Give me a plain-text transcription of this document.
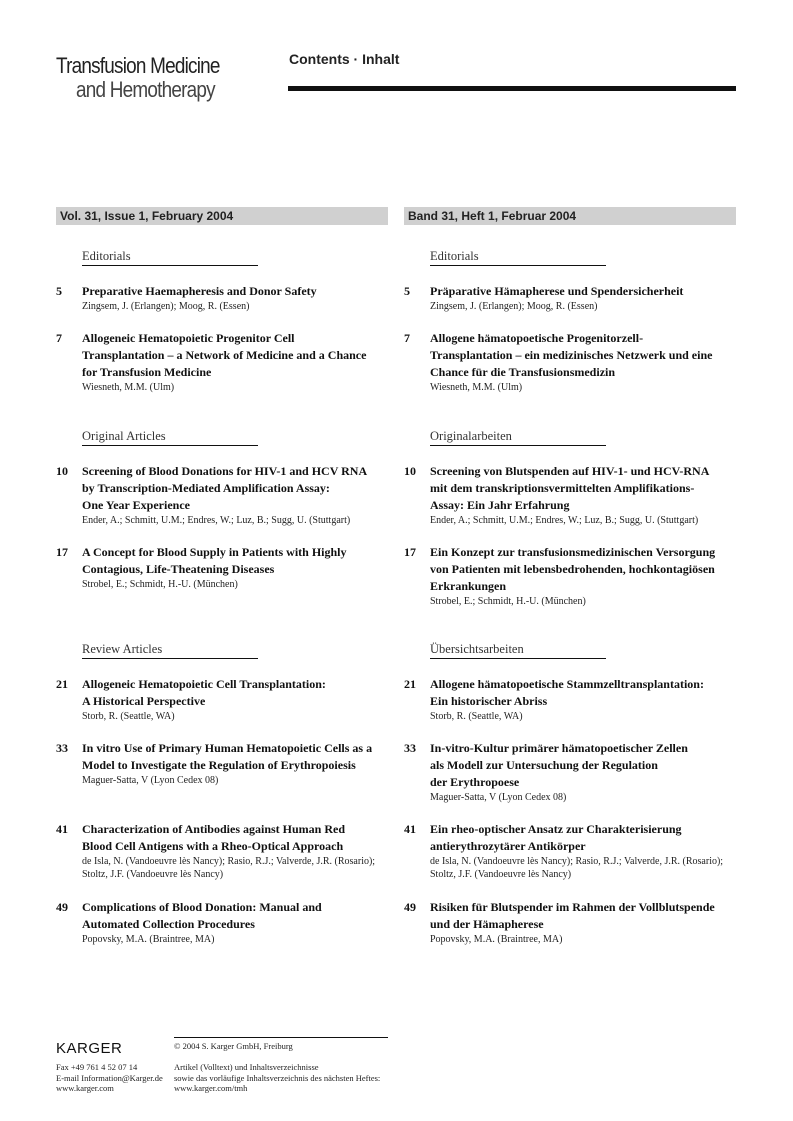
Transfusion Medicine
and Hemotherapy
Contents · Inhalt
Vol. 31, Issue 1, February 2004
Editorials
5	Preparative Haemapheresis and Donor Safety
Zingsem, J. (Erlangen); Moog, R. (Essen)
7	Allogeneic Hematopoietic Progenitor Cell
Transplantation – a Network of Medicine and a Chance
for Transfusion Medicine
Wiesneth, M.M. (Ulm)
Original Articles
10	Screening of Blood Donations for HIV-1 and HCV RNA
by Transcription-Mediated Amplification Assay:
One Year Experience
Ender, A.; Schmitt, U.M.; Endres, W.; Luz, B.; Sugg, U. (Stuttgart)
17	A Concept for Blood Supply in Patients with Highly
Contagious, Life-Theatening Diseases
Strobel, E.; Schmidt, H.-U. (München)
Review Articles
21	Allogeneic Hematopoietic Cell Transplantation:
A Historical Perspective
Storb, R. (Seattle, WA)
33	In vitro Use of Primary Human Hematopoietic Cells as a
Model to Investigate the Regulation of Erythropoiesis
Maguer-Satta, V (Lyon Cedex 08)
41	Characterization of Antibodies against Human Red
Blood Cell Antigens with a Rheo-Optical Approach
de Isla, N. (Vandoeuvre lès Nancy); Rasio, R.J.; Valverde, J.R. (Rosario);
Stoltz, J.F. (Vandoeuvre lès Nancy)
49	Complications of Blood Donation: Manual and
Automated Collection Procedures
Popovsky, M.A. (Braintree, MA)
Band 31, Heft 1, Februar 2004
Editorials
5	Präparative Hämapherese und Spendersicherheit
Zingsem, J. (Erlangen); Moog, R. (Essen)
7	Allogene hämatopoetische Progenitorzell-
Transplantation – ein medizinisches Netzwerk und eine
Chance für die Transfusionsmedizin
Wiesneth, M.M. (Ulm)
Originalarbeiten
10	Screening von Blutspenden auf HIV-1- und HCV-RNA
mit dem transkriptionsvermittelten Amplifikations-
Assay: Ein Jahr Erfahrung
Ender, A.; Schmitt, U.M.; Endres, W.; Luz, B.; Sugg, U. (Stuttgart)
17	Ein Konzept zur transfusionsmedizinischen Versorgung
von Patienten mit lebensbedrohenden, hochkontagiösen
Erkrankungen
Strobel, E.; Schmidt, H.-U. (München)
Übersichtsarbeiten
21	Allogene hämatopoetische Stammzelltransplantation:
Ein historischer Abriss
Storb, R. (Seattle, WA)
33	In-vitro-Kultur primärer hämatopoetischer Zellen
als Modell zur Untersuchung der Regulation
der Erythropoese
Maguer-Satta, V (Lyon Cedex 08)
41	Ein rheo-optischer Ansatz zur Charakterisierung
antierythrozytärer Antikörper
de Isla, N. (Vandoeuvre lès Nancy); Rasio, R.J.; Valverde, J.R. (Rosario);
Stoltz, J.F. (Vandoeuvre lès Nancy)
49	Risiken für Blutspender im Rahmen der Vollblutspende
und der Hämapherese
Popovsky, M.A. (Braintree, MA)
KARGER	© 2004 S. Karger GmbH, Freiburg
Fax +49 761 4 52 07 14
E-mail Information@Karger.de
www.karger.com
Artikel (Volltext) und Inhaltsverzeichnisse
sowie das vorläufige Inhaltsverzeichnis des nächsten Heftes:
www.karger.com/tmh
